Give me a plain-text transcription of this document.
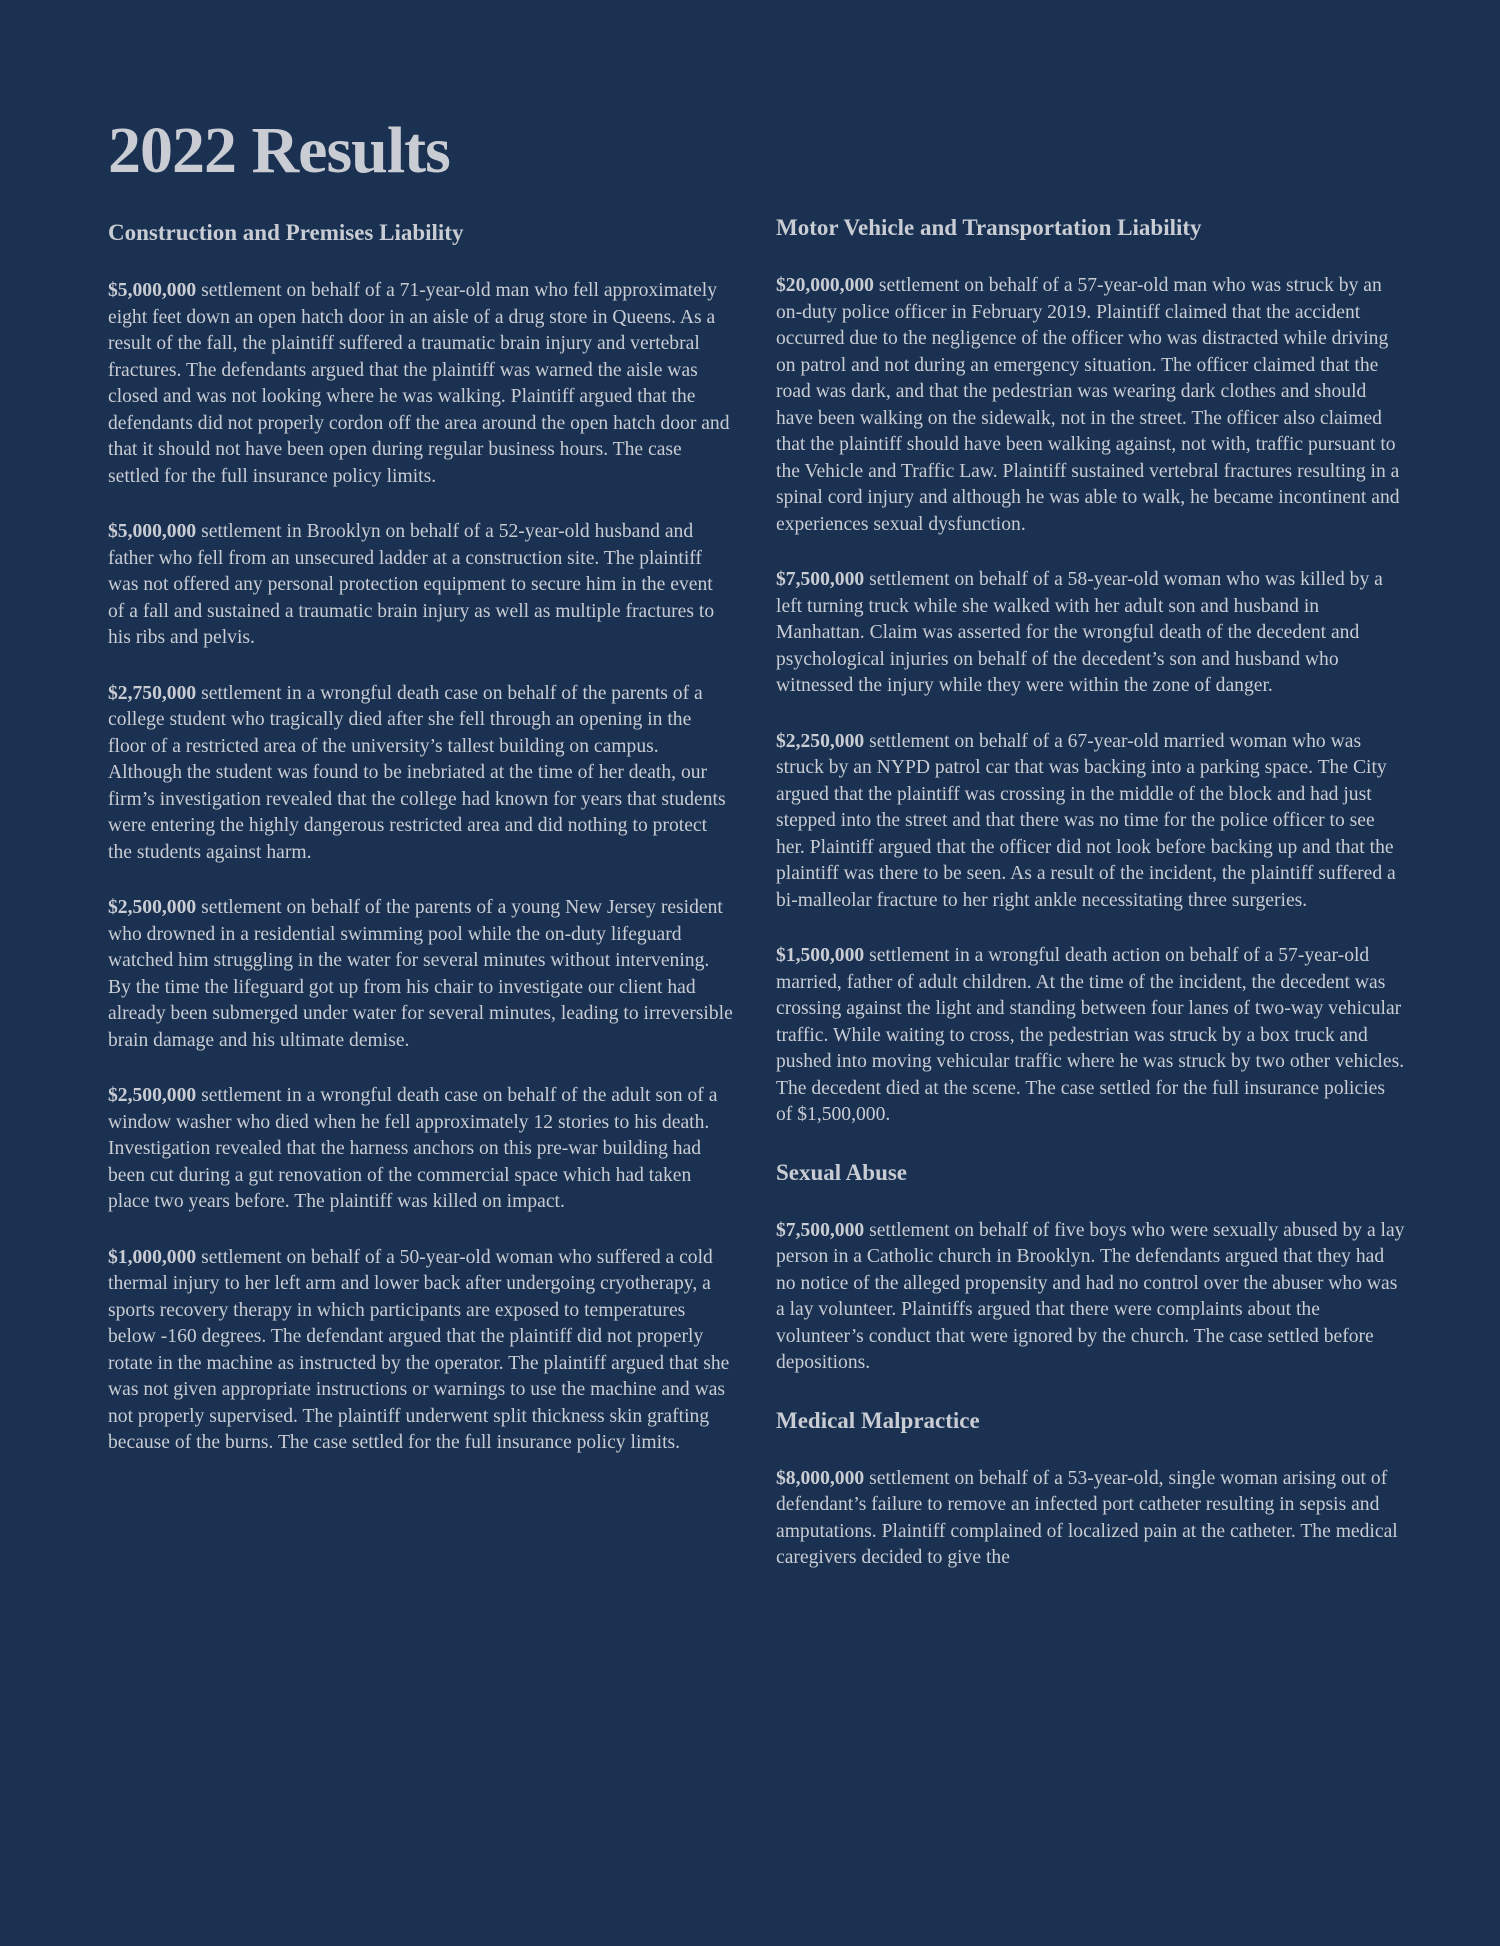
2022 Results
Construction and Premises Liability

$5,000,000 settlement on behalf of a 71-year-old man who fell approximately eight feet down an open hatch door in an aisle of a drug store in Queens. As a result of the fall, the plaintiff suffered a traumatic brain injury and vertebral fractures. The defendants argued that the plaintiff was warned the aisle was closed and was not looking where he was walking. Plaintiff argued that the defendants did not properly cordon off the area around the open hatch door and that it should not have been open during regular business hours. The case settled for the full insurance policy limits.

$5,000,000 settlement in Brooklyn on behalf of a 52-year-old husband and father who fell from an unsecured ladder at a construction site. The plaintiff was not offered any personal protection equipment to secure him in the event of a fall and sustained a traumatic brain injury as well as multiple fractures to his ribs and pelvis.

$2,750,000 settlement in a wrongful death case on behalf of the parents of a college student who tragically died after she fell through an opening in the floor of a restricted area of the university’s tallest building on campus. Although the student was found to be inebriated at the time of her death, our firm’s investigation revealed that the college had known for years that students were entering the highly dangerous restricted area and did nothing to protect the students against harm.

$2,500,000 settlement on behalf of the parents of a young New Jersey resident who drowned in a residential swimming pool while the on-duty lifeguard watched him struggling in the water for several minutes without intervening. By the time the lifeguard got up from his chair to investigate our client had already been submerged under water for several minutes, leading to irreversible brain damage and his ultimate demise.

$2,500,000 settlement in a wrongful death case on behalf of the adult son of a window washer who died when he fell approximately 12 stories to his death. Investigation revealed that the harness anchors on this pre-war building had been cut during a gut renovation of the commercial space which had taken place two years before. The plaintiff was killed on impact.

$1,000,000 settlement on behalf of a 50-year-old woman who suffered a cold thermal injury to her left arm and lower back after undergoing cryotherapy, a sports recovery therapy in which participants are exposed to temperatures below -160 degrees. The defendant argued that the plaintiff did not properly rotate in the machine as instructed by the operator. The plaintiff argued that she was not given appropriate instructions or warnings to use the machine and was not properly supervised. The plaintiff underwent split thickness skin grafting because of the burns. The case settled for the full insurance policy limits.

Motor Vehicle and Transportation Liability

$20,000,000 settlement on behalf of a 57-year-old man who was struck by an on-duty police officer in February 2019. Plaintiff claimed that the accident occurred due to the negligence of the officer who was distracted while driving on patrol and not during an emergency situation. The officer claimed that the road was dark, and that the pedestrian was wearing dark clothes and should have been walking on the sidewalk, not in the street. The officer also claimed that the plaintiff should have been walking against, not with, traffic pursuant to the Vehicle and Traffic Law. Plaintiff sustained vertebral fractures resulting in a spinal cord injury and although he was able to walk, he became incontinent and experiences sexual dysfunction.

$7,500,000 settlement on behalf of a 58-year-old woman who was killed by a left turning truck while she walked with her adult son and husband in Manhattan. Claim was asserted for the wrongful death of the decedent and psychological injuries on behalf of the decedent’s son and husband who witnessed the injury while they were within the zone of danger.

$2,250,000 settlement on behalf of a 67-year-old married woman who was struck by an NYPD patrol car that was backing into a parking space. The City argued that the plaintiff was crossing in the middle of the block and had just stepped into the street and that there was no time for the police officer to see her. Plaintiff argued that the officer did not look before backing up and that the plaintiff was there to be seen. As a result of the incident, the plaintiff suffered a bi-malleolar fracture to her right ankle necessitating three surgeries.

$1,500,000 settlement in a wrongful death action on behalf of a 57-year-old married, father of adult children. At the time of the incident, the decedent was crossing against the light and standing between four lanes of two-way vehicular traffic. While waiting to cross, the pedestrian was struck by a box truck and pushed into moving vehicular traffic where he was struck by two other vehicles. The decedent died at the scene. The case settled for the full insurance policies of $1,500,000.

Sexual Abuse

$7,500,000 settlement on behalf of five boys who were sexually abused by a lay person in a Catholic church in Brooklyn. The defendants argued that they had no notice of the alleged propensity and had no control over the abuser who was a lay volunteer. Plaintiffs argued that there were complaints about the volunteer’s conduct that were ignored by the church. The case settled before depositions.

Medical Malpractice

$8,000,000 settlement on behalf of a 53-year-old, single woman arising out of defendant’s failure to remove an infected port catheter resulting in sepsis and amputations. Plaintiff complained of localized pain at the catheter. The medical caregivers decided to give the
